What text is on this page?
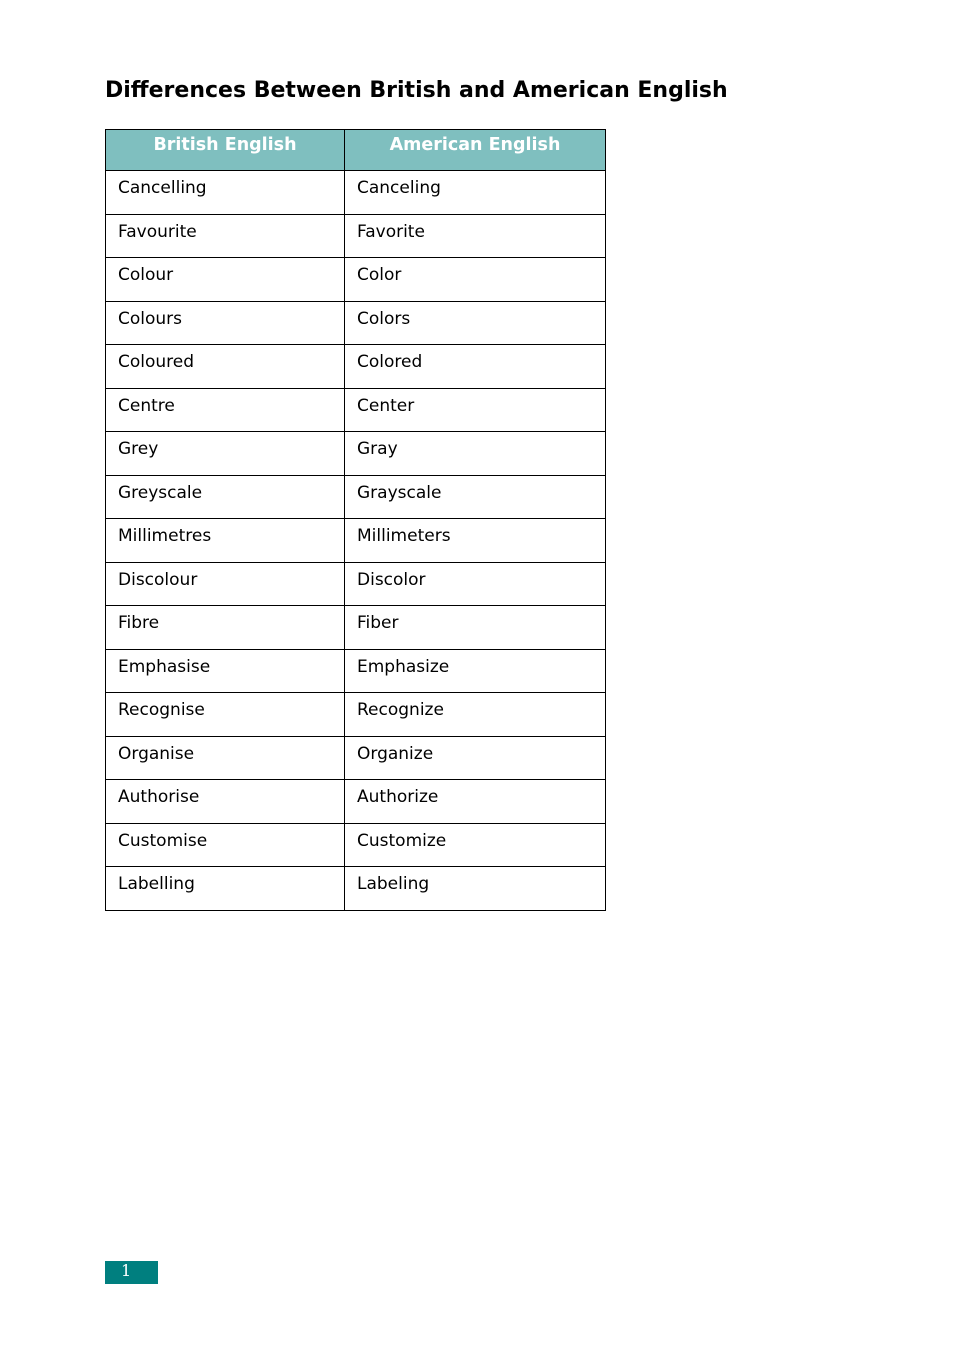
Differences Between British and American English
British English	American English
Cancelling	Canceling
Favourite	Favorite
Colour	Color
Colours	Colors
Coloured	Colored
Centre	Center
Grey	Gray
Greyscale	Grayscale
Millimetres	Millimeters
Discolour	Discolor
Fibre	Fiber
Emphasise	Emphasize
Recognise	Recognize
Organise	Organize
Authorise	Authorize
Customise	Customize
Labelling	Labeling
1
